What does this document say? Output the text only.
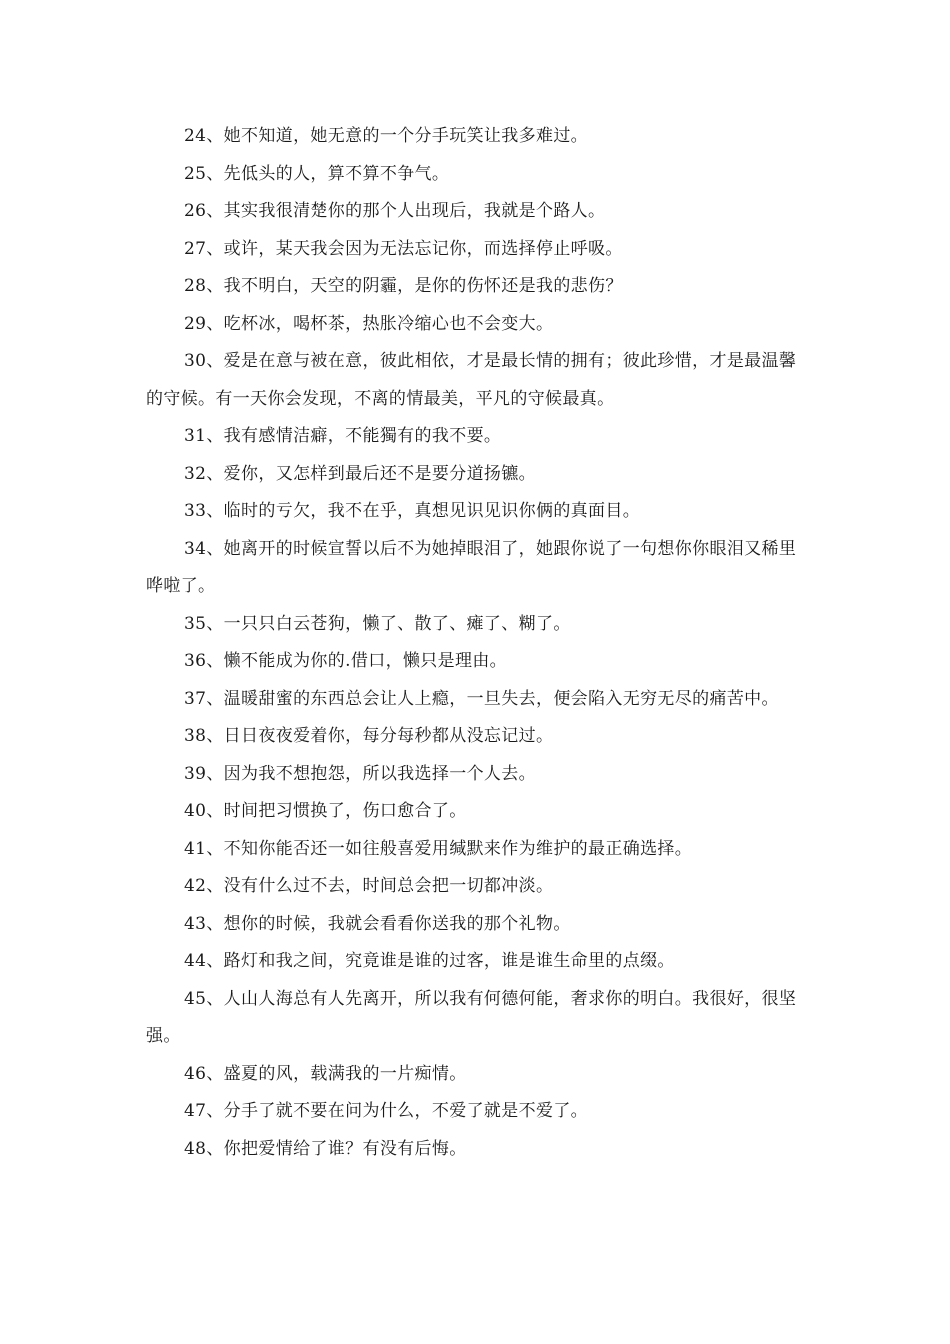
24、她不知道，她无意的一个分手玩笑让我多难过。

25、先低头的人，算不算不争气。

26、其实我很清楚你的那个人出现后，我就是个路人。

27、或许，某天我会因为无法忘记你，而选择停止呼吸。

28、我不明白，天空的阴霾，是你的伤怀还是我的悲伤？

29、吃杯冰，喝杯茶，热胀冷缩心也不会变大。

30、爱是在意与被在意，彼此相依，才是最长情的拥有；彼此珍惜，才是最温馨的守候。有一天你会发现，不离的情最美，平凡的守候最真。

31、我有感情洁癖，不能獨有的我不要。

32、爱你，又怎样到最后还不是要分道扬镳。

33、临时的亏欠，我不在乎，真想见识见识你俩的真面目。

34、她离开的时候宣誓以后不为她掉眼泪了，她跟你说了一句想你你眼泪又稀里哗啦了。

35、一只只白云苍狗，懒了、散了、瘫了、糊了。

36、懒不能成为你的.借口，懒只是理由。

37、温暖甜蜜的东西总会让人上瘾，一旦失去，便会陷入无穷无尽的痛苦中。

38、日日夜夜爱着你，每分每秒都从没忘记过。

39、因为我不想抱怨，所以我选择一个人去。

40、时间把习惯换了，伤口愈合了。

41、不知你能否还一如往般喜爱用缄默来作为维护的最正确选择。

42、没有什么过不去，时间总会把一切都冲淡。

43、想你的时候，我就会看看你送我的那个礼物。

44、路灯和我之间，究竟谁是谁的过客，谁是谁生命里的点缀。

45、人山人海总有人先离开，所以我有何德何能，奢求你的明白。我很好，很坚强。

46、盛夏的风，载满我的一片痴情。

47、分手了就不要在问为什么，不爱了就是不爱了。

48、你把爱情给了谁？有没有后悔。
